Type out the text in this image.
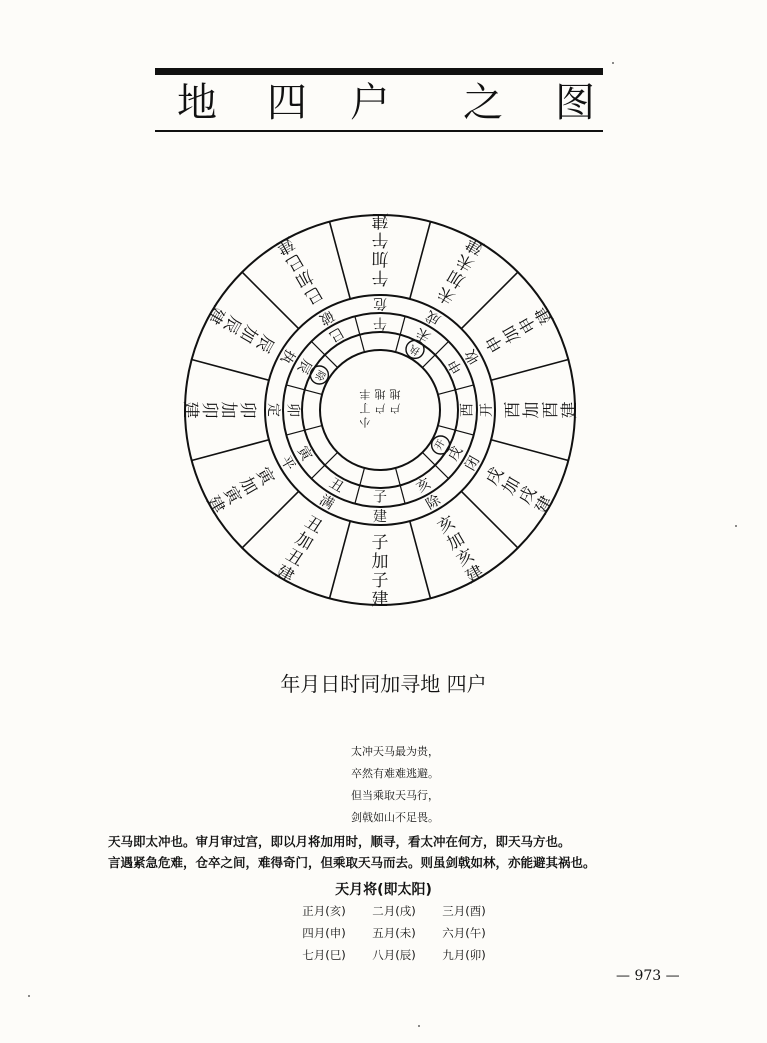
地 四 户 之 图
子
加
子
建
丑
加
丑
建
寅
加
寅
建
卯
加
卯
建
辰
加
辰
建
巳
加
巳
建
午
加
午
建
未
加
未
建
申
加
申
建
酉 加 酉 建
戌
加
戌
建
亥
加
亥
建
建
满
平
定
执
破
危
成
收
开
闭
除
子
丑
寅
卯
辰
巳
午
未
申
酉
戌
亥
除
执
开
丰
丁
小
地
户
地
户
年月日时同加寻地 四户
太冲天马最为贵，
卒然有难难逃避。
但当乘取天马行，
剑戟如山不足畏。
天马即太冲也。审月审过宫，即以月将加用时，顺寻，看太冲在何方，即天马方也。
言遇紧急危难，仓卒之间，难得奇门，但乘取天马而去。则虽剑戟如林，亦能避其祸也。
天月将(即太阳)
正月(亥)	二月(戌)	三月(酉)
四月(申)	五月(未)	六月(午)
七月(巳)	八月(辰)	九月(卯)
— 973 —
